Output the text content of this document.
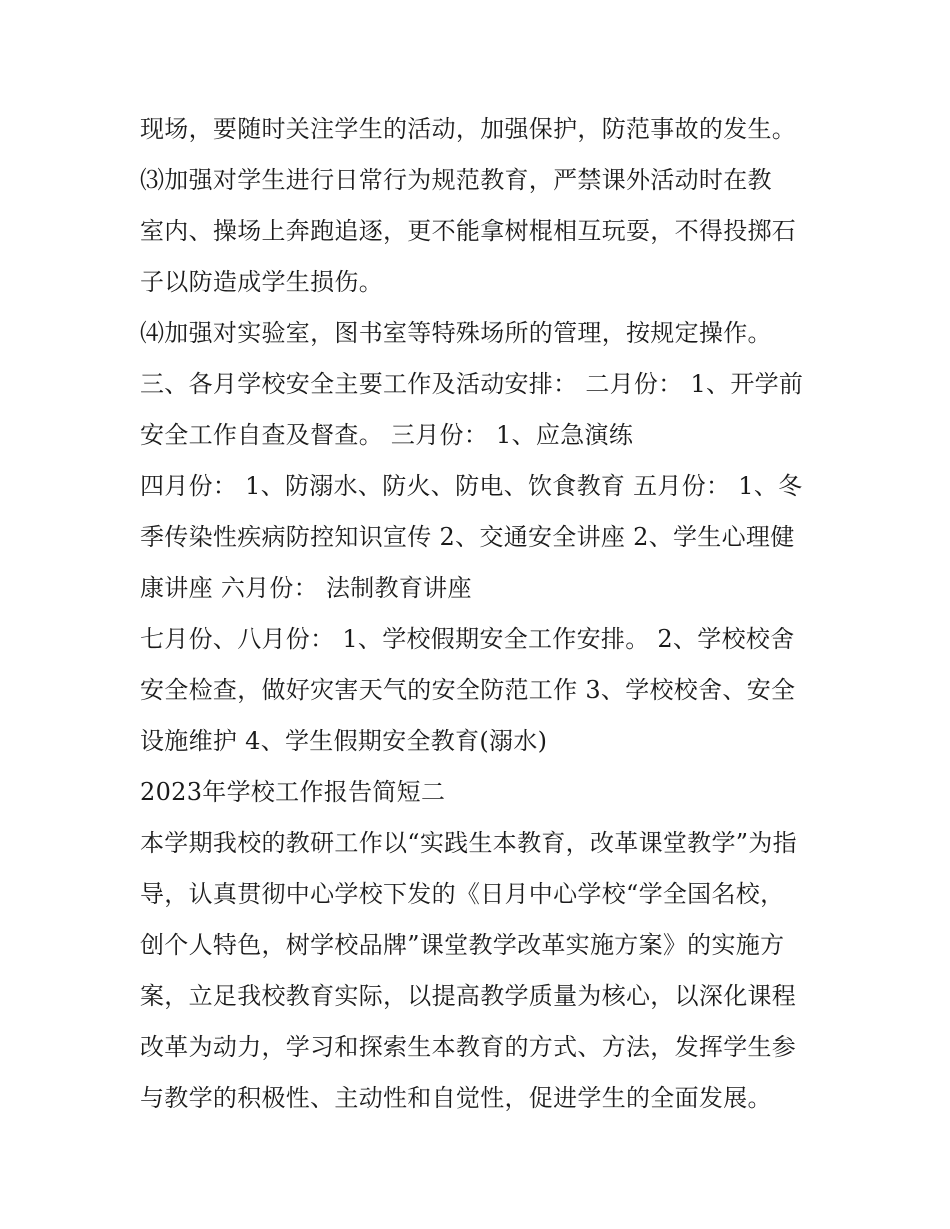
现场，要随时关注学生的活动，加强保护，防范事故的发生。
⑶加强对学生进行日常行为规范教育，严禁课外活动时在教
室内、操场上奔跑追逐，更不能拿树棍相互玩耍，不得投掷石
子以防造成学生损伤。
⑷加强对实验室，图书室等特殊场所的管理，按规定操作。
三、各月学校安全主要工作及活动安排： 二月份： 1、开学前
安全工作自查及督查。 三月份： 1、应急演练
四月份： 1、防溺水、防火、防电、饮食教育 五月份： 1、冬
季传染性疾病防控知识宣传 2、交通安全讲座 2、学生心理健
康讲座 六月份： 法制教育讲座
七月份、八月份： 1、学校假期安全工作安排。 2、学校校舍
安全检查，做好灾害天气的安全防范工作 3、学校校舍、安全
设施维护 4、学生假期安全教育(溺水)
2023年学校工作报告简短二
本学期我校的教研工作以“实践生本教育，改革课堂教学”为指
导，认真贯彻中心学校下发的《日月中心学校“学全国名校，
创个人特色，树学校品牌”课堂教学改革实施方案》的实施方
案，立足我校教育实际，以提高教学质量为核心，以深化课程
改革为动力，学习和探索生本教育的方式、方法，发挥学生参
与教学的积极性、主动性和自觉性，促进学生的全面发展。
